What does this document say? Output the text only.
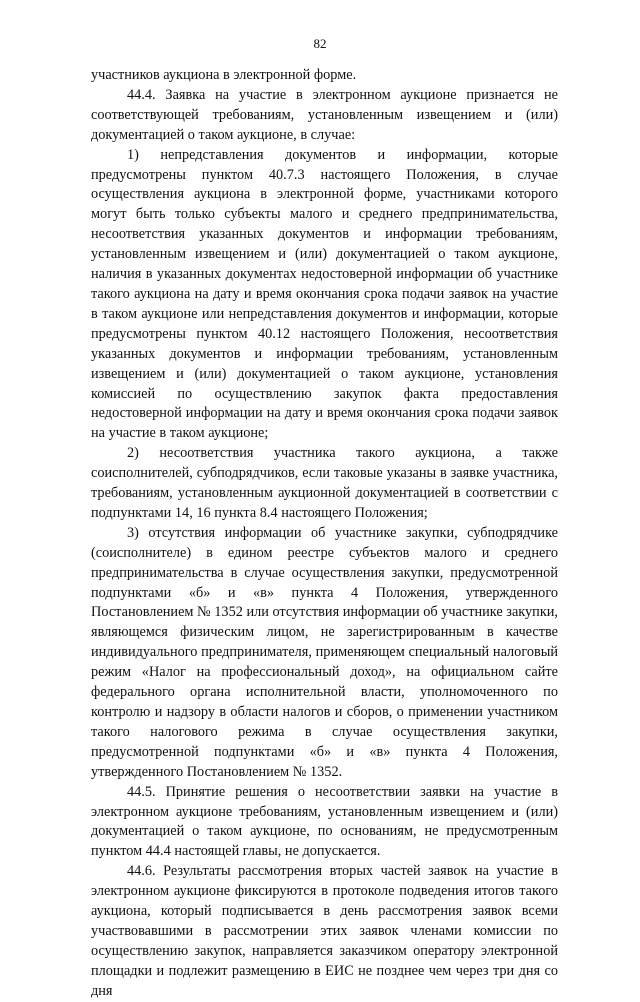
82

участников аукциона в электронной форме.

44.4. Заявка на участие в электронном аукционе признается не соответствующей требованиям, установленным извещением и (или) документацией о таком аукционе, в случае:

1) непредставления документов и информации, которые предусмотрены пунктом 40.7.3 настоящего Положения, в случае осуществления аукциона в электронной форме, участниками которого могут быть только субъекты малого и среднего предпринимательства, несоответствия указанных документов и информации требованиям, установленным извещением и (или) документацией о таком аукционе, наличия в указанных документах недостоверной информации об участнике такого аукциона на дату и время окончания срока подачи заявок на участие в таком аукционе или непредставления документов и информации, которые предусмотрены пунктом 40.12 настоящего Положения, несоответствия указанных документов и информации требованиям, установленным извещением и (или) документацией о таком аукционе, установления комиссией по осуществлению закупок факта предоставления недостоверной информации на дату и время окончания срока подачи заявок на участие в таком аукционе;

2) несоответствия участника такого аукциона, а также соисполнителей, субподрядчиков, если таковые указаны в заявке участника, требованиям, установленным аукционной документацией в соответствии с подпунктами 14, 16 пункта 8.4 настоящего Положения;

3) отсутствия информации об участнике закупки, субподрядчике (соисполнителе) в едином реестре субъектов малого и среднего предпринимательства в случае осуществления закупки, предусмотренной подпунктами «б» и «в» пункта 4 Положения, утвержденного Постановлением № 1352 или отсутствия информации об участнике закупки, являющемся физическим лицом, не зарегистрированным в качестве индивидуального предпринимателя, применяющем специальный налоговый режим «Налог на профессиональный доход», на официальном сайте федерального органа исполнительной власти, уполномоченного по контролю и надзору в области налогов и сборов, о применении участником такого налогового режима в случае осуществления закупки, предусмотренной подпунктами «б» и «в» пункта 4 Положения, утвержденного Постановлением № 1352.

44.5. Принятие решения о несоответствии заявки на участие в электронном аукционе требованиям, установленным извещением и (или) документацией о таком аукционе, по основаниям, не предусмотренным пунктом 44.4 настоящей главы, не допускается.

44.6. Результаты рассмотрения вторых частей заявок на участие в электронном аукционе фиксируются в протоколе подведения итогов такого аукциона, который подписывается в день рассмотрения заявок всеми участвовавшими в рассмотрении этих заявок членами комиссии по осуществлению закупок, направляется заказчиком оператору электронной площадки и подлежит размещению в ЕИС не позднее чем через три дня со дня
